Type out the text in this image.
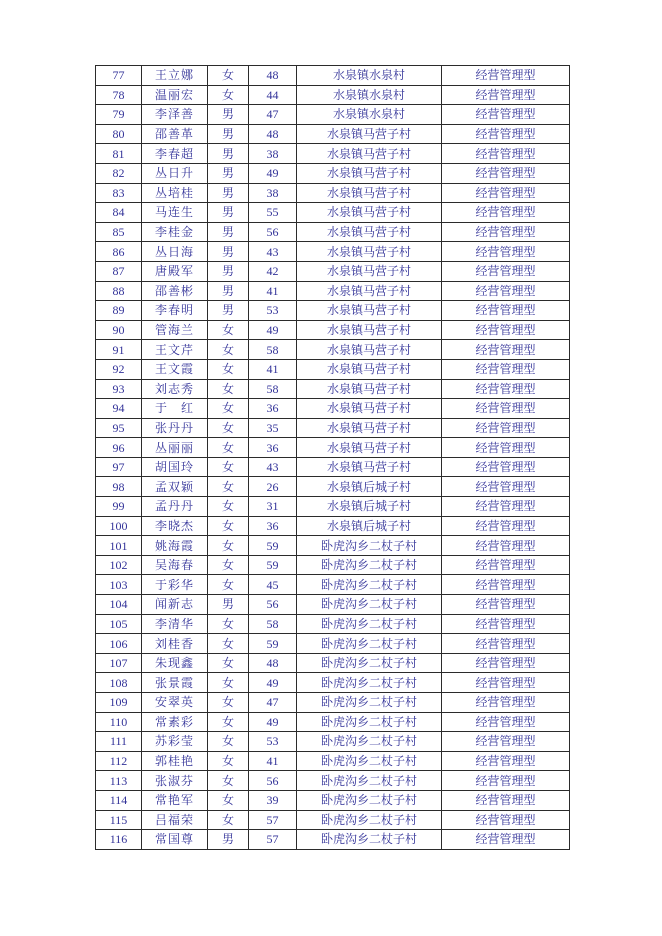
77	王立娜	女	48	水泉镇水泉村	经营管理型
78	温丽宏	女	44	水泉镇水泉村	经营管理型
79	李泽善	男	47	水泉镇水泉村	经营管理型
80	邵善革	男	48	水泉镇马营子村	经营管理型
81	李春超	男	38	水泉镇马营子村	经营管理型
82	丛日升	男	49	水泉镇马营子村	经营管理型
83	丛培桂	男	38	水泉镇马营子村	经营管理型
84	马连生	男	55	水泉镇马营子村	经营管理型
85	李桂金	男	56	水泉镇马营子村	经营管理型
86	丛日海	男	43	水泉镇马营子村	经营管理型
87	唐殿军	男	42	水泉镇马营子村	经营管理型
88	邵善彬	男	41	水泉镇马营子村	经营管理型
89	李春明	男	53	水泉镇马营子村	经营管理型
90	管海兰	女	49	水泉镇马营子村	经营管理型
91	王文芹	女	58	水泉镇马营子村	经营管理型
92	王文霞	女	41	水泉镇马营子村	经营管理型
93	刘志秀	女	58	水泉镇马营子村	经营管理型
94	于　红	女	36	水泉镇马营子村	经营管理型
95	张丹丹	女	35	水泉镇马营子村	经营管理型
96	丛丽丽	女	36	水泉镇马营子村	经营管理型
97	胡国玲	女	43	水泉镇马营子村	经营管理型
98	孟双颖	女	26	水泉镇后城子村	经营管理型
99	孟丹丹	女	31	水泉镇后城子村	经营管理型
100	李晓杰	女	36	水泉镇后城子村	经营管理型
101	姚海霞	女	59	卧虎沟乡二杖子村	经营管理型
102	吴海春	女	59	卧虎沟乡二杖子村	经营管理型
103	于彩华	女	45	卧虎沟乡二杖子村	经营管理型
104	闻新志	男	56	卧虎沟乡二杖子村	经营管理型
105	李清华	女	58	卧虎沟乡二杖子村	经营管理型
106	刘桂香	女	59	卧虎沟乡二杖子村	经营管理型
107	朱现鑫	女	48	卧虎沟乡二杖子村	经营管理型
108	张景霞	女	49	卧虎沟乡二杖子村	经营管理型
109	安翠英	女	47	卧虎沟乡二杖子村	经营管理型
110	常素彩	女	49	卧虎沟乡二杖子村	经营管理型
111	苏彩莹	女	53	卧虎沟乡二杖子村	经营管理型
112	郭桂艳	女	41	卧虎沟乡二杖子村	经营管理型
113	张淑芬	女	56	卧虎沟乡二杖子村	经营管理型
114	常艳军	女	39	卧虎沟乡二杖子村	经营管理型
115	吕福荣	女	57	卧虎沟乡二杖子村	经营管理型
116	常国尊	男	57	卧虎沟乡二杖子村	经营管理型
